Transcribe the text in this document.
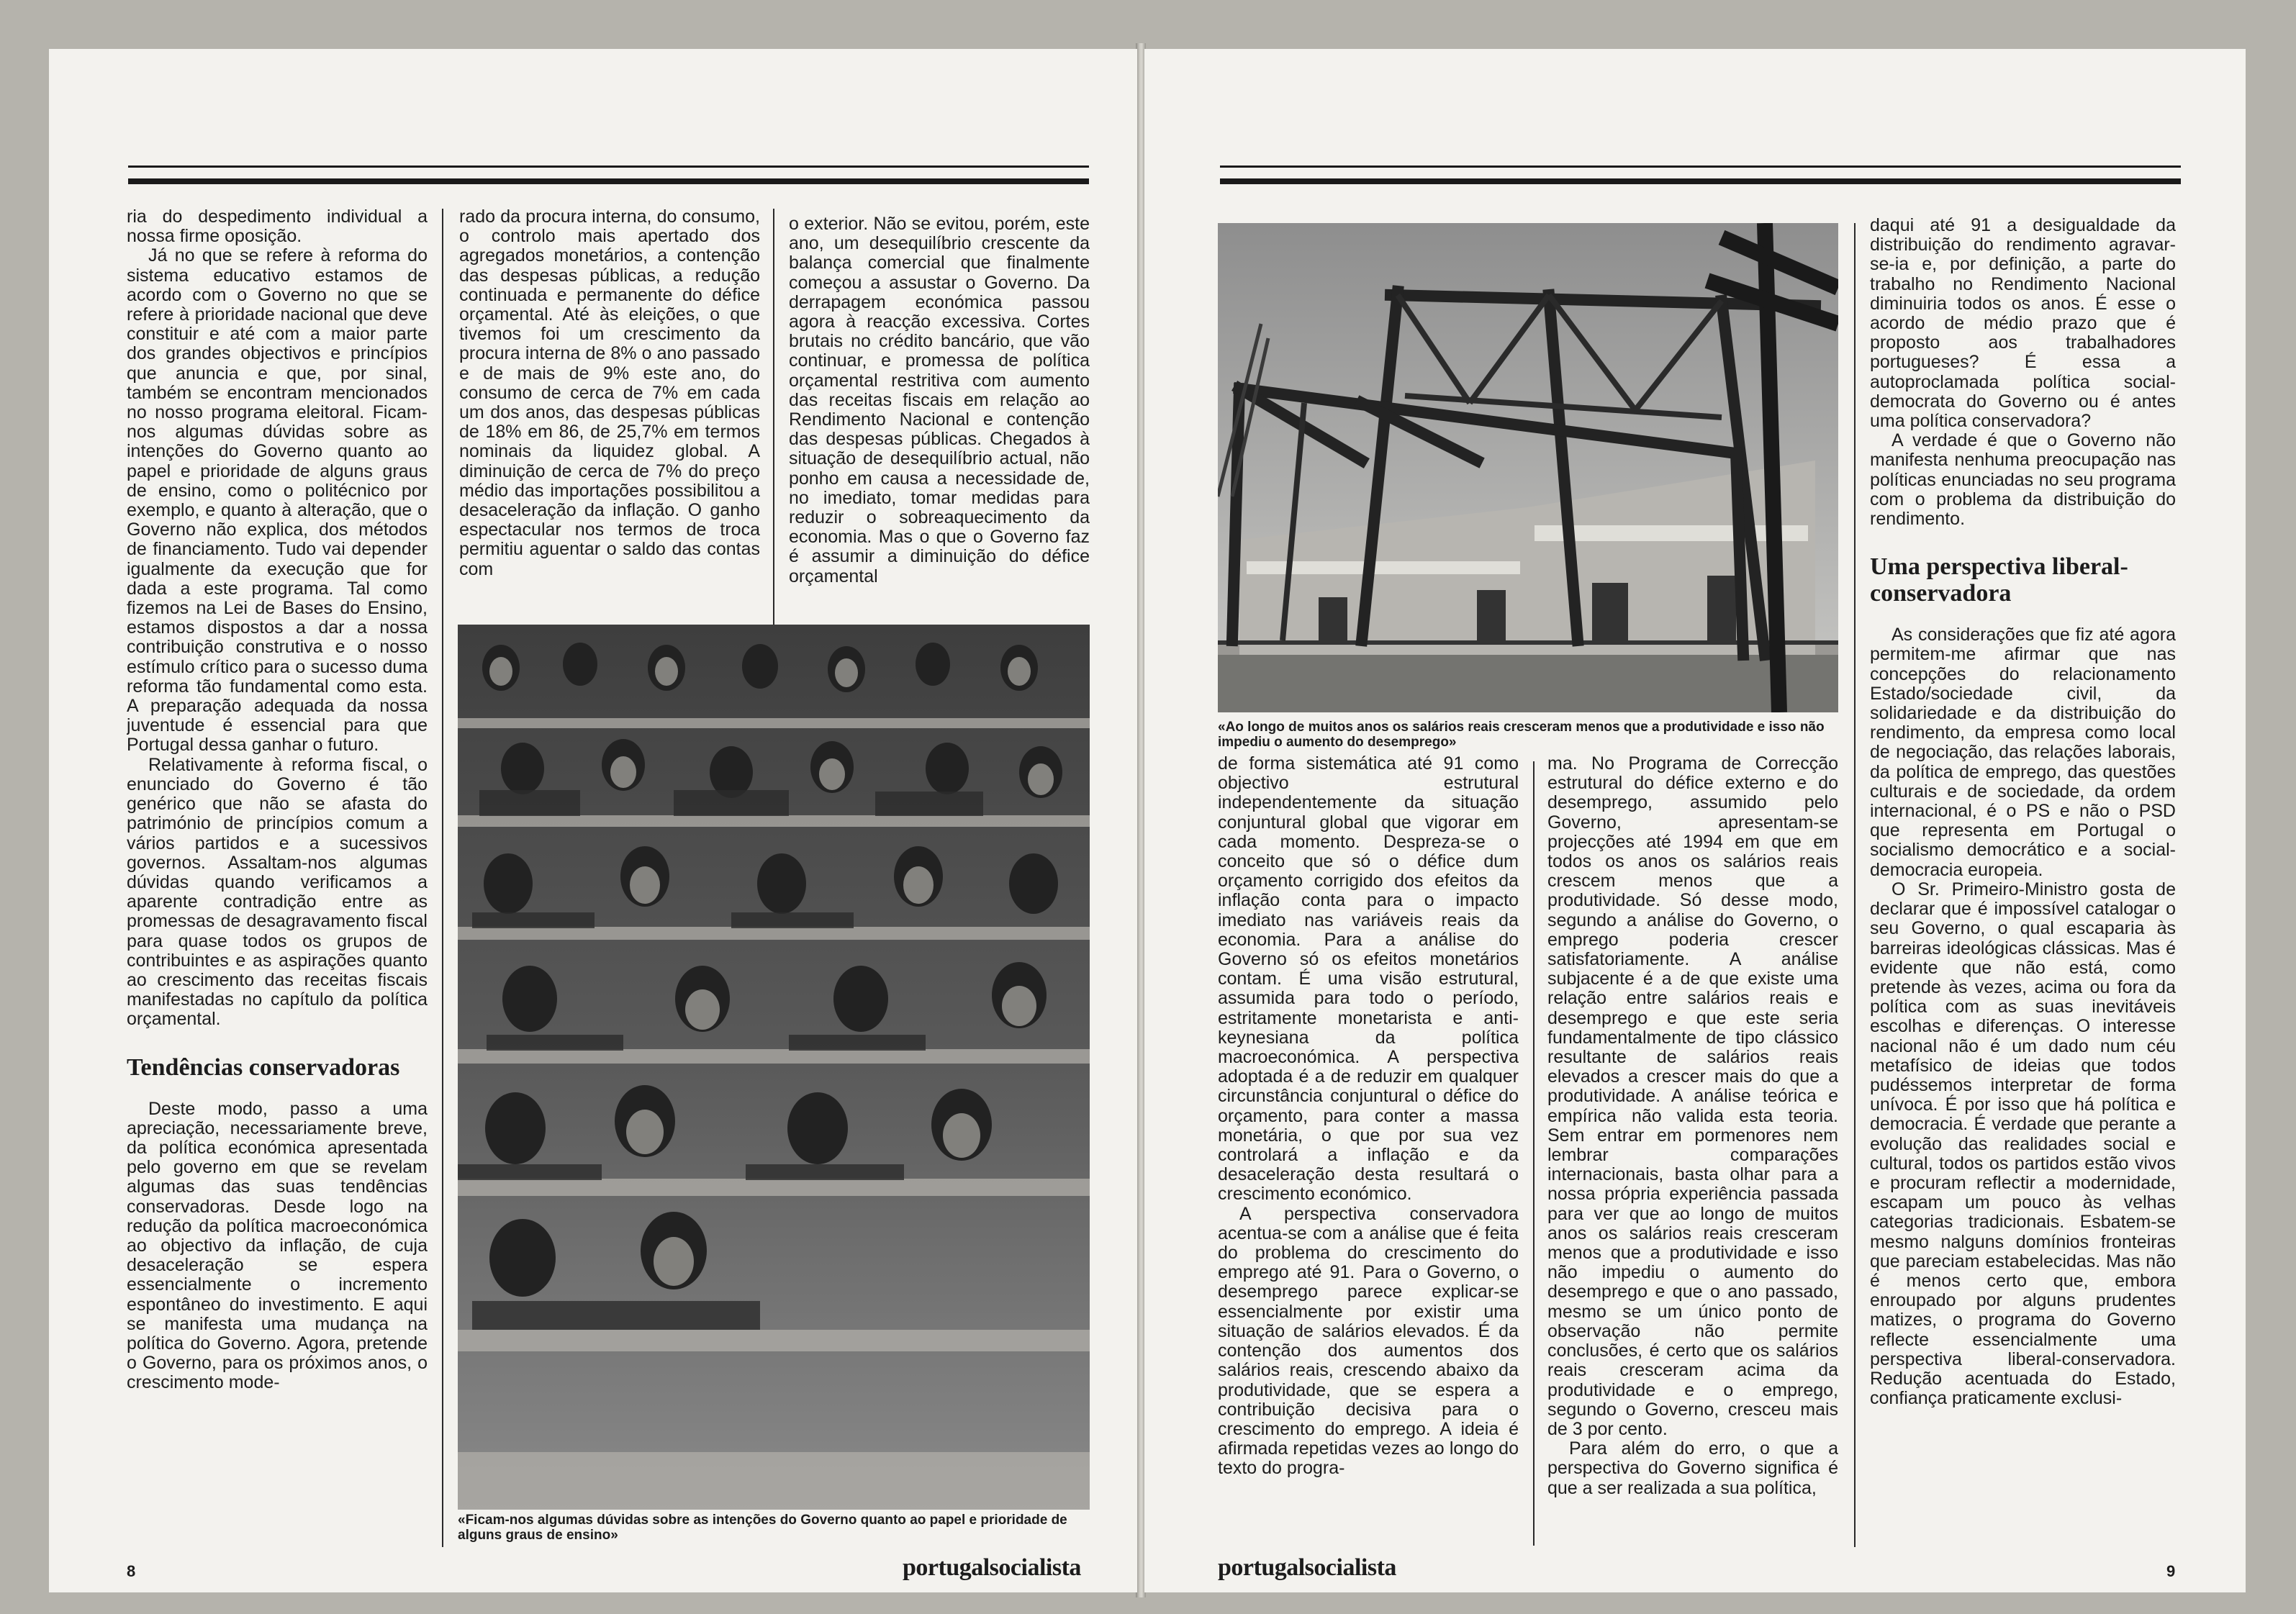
ria do despedimento individual a nossa firme oposição.

Já no que se refere à reforma do sistema educativo estamos de acordo com o Governo no que se refere à prioridade nacional que deve constituir e até com a maior parte dos grandes objectivos e princípios que anuncia e que, por sinal, também se encontram mencionados no nosso programa eleitoral. Ficam-nos algumas dúvidas sobre as intenções do Governo quanto ao papel e prioridade de alguns graus de ensino, como o politécnico por exemplo, e quanto à alteração, que o Governo não explica, dos métodos de financiamento. Tudo vai depender igualmente da execução que for dada a este programa. Tal como fizemos na Lei de Bases do Ensino, estamos dispostos a dar a nossa contribuição construtiva e o nosso estímulo crítico para o sucesso duma reforma tão fundamental como esta. A preparação adequada da nossa juventude é essencial para que Portugal dessa ganhar o futuro.

Relativamente à reforma fiscal, o enunciado do Governo é tão genérico que não se afasta do património de princípios comum a vários partidos e a sucessivos governos. Assaltam-nos algumas dúvidas quando verificamos a aparente contradição entre as promessas de desagravamento fiscal para quase todos os grupos de contribuintes e as aspirações quanto ao crescimento das receitas fiscais manifestadas no capítulo da política orçamental.

Tendências conservadoras

Deste modo, passo a uma apreciação, necessariamente breve, da política económica apresentada pelo governo em que se revelam algumas das suas tendências conservadoras. Desde logo na redução da política macroeconómica ao objectivo da inflação, de cuja desaceleração se espera essencialmente o incremento espontâneo do investimento. E aqui se manifesta uma mudança na política do Governo. Agora, pretende o Governo, para os próximos anos, o crescimento mode-

rado da procura interna, do consumo, o controlo mais apertado dos agregados monetários, a contenção das despesas públicas, a redução continuada e permanente do défice orçamental. Até às eleições, o que tivemos foi um crescimento da procura interna de 8% o ano passado e de mais de 9% este ano, do consumo de cerca de 7% em cada um dos anos, das despesas públicas de 18% em 86, de 25,7% em termos nominais da liquidez global. A diminuição de cerca de 7% do preço médio das importações possibilitou a desaceleração da inflação. O ganho espectacular nos termos de troca permitiu aguentar o saldo das contas com

o exterior. Não se evitou, porém, este ano, um desequilíbrio crescente da balança comercial que finalmente começou a assustar o Governo. Da derrapagem económica passou agora à reacção excessiva. Cortes brutais no crédito bancário, que vão continuar, e promessa de política orçamental restritiva com aumento das receitas fiscais em relação ao Rendimento Nacional e contenção das despesas públicas. Chegados à situação de desequilíbrio actual, não ponho em causa a necessidade de, no imediato, tomar medidas para reduzir o sobreaquecimento da economia. Mas o que o Governo faz é assumir a diminuição do défice orçamental

«Ficam-nos algumas dúvidas sobre as intenções do Governo quanto ao papel e prioridade de alguns graus de ensino»
8	portugalsocialista
«Ao longo de muitos anos os salários reais cresceram menos que a produtividade e isso não impediu o aumento do desemprego»

de forma sistemática até 91 como objectivo estrutural independentemente da situação conjuntural global que vigorar em cada momento. Despreza-se o conceito que só o défice dum orçamento corrigido dos efeitos da inflação conta para o impacto imediato nas variáveis reais da economia. Para a análise do Governo só os efeitos monetários contam. É uma visão estrutural, assumida para todo o período, estritamente monetarista e anti-keynesiana da política macroeconómica. A perspectiva adoptada é a de reduzir em qualquer circunstância conjuntural o défice do orçamento, para conter a massa monetária, o que por sua vez controlará a inflação e da desaceleração desta resultará o crescimento económico.

A perspectiva conservadora acentua-se com a análise que é feita do problema do crescimento do emprego até 91. Para o Governo, o desemprego parece explicar-se essencialmente por existir uma situação de salários elevados. É da contenção dos aumentos dos salários reais, crescendo abaixo da produtividade, que se espera a contribuição decisiva para o crescimento do emprego. A ideia é afirmada repetidas vezes ao longo do texto do progra-

ma. No Programa de Correcção estrutural do défice externo e do desemprego, assumido pelo Governo, apresentam-se projecções até 1994 em que em todos os anos os salários reais crescem menos que a produtividade. Só desse modo, segundo a análise do Governo, o emprego poderia crescer satisfatoriamente. A análise subjacente é a de que existe uma relação entre salários reais e desemprego e que este seria fundamentalmente de tipo clássico resultante de salários reais elevados a crescer mais do que a produtividade. A análise teórica e empírica não valida esta teoria. Sem entrar em pormenores nem lembrar comparações internacionais, basta olhar para a nossa própria experiência passada para ver que ao longo de muitos anos os salários reais cresceram menos que a produtividade e isso não impediu o aumento do desemprego e que o ano passado, mesmo se um único ponto de observação não permite conclusões, é certo que os salários reais cresceram acima da produtividade e o emprego, segundo o Governo, cresceu mais de 3 por cento.

Para além do erro, o que a perspectiva do Governo significa é que a ser realizada a sua política,

daqui até 91 a desigualdade da distribuição do rendimento agravar-se-ia e, por definição, a parte do trabalho no Rendimento Nacional diminuiria todos os anos. É esse o acordo de médio prazo que é proposto aos trabalhadores portugueses? É essa a autoproclamada política social-democrata do Governo ou é antes uma política conservadora?

A verdade é que o Governo não manifesta nenhuma preocupação nas políticas enunciadas no seu programa com o problema da distribuição do rendimento.

Uma perspectiva liberal-conservadora

As considerações que fiz até agora permitem-me afirmar que nas concepções do relacionamento Estado/sociedade civil, da solidariedade e da distribuição do rendimento, da empresa como local de negociação, das relações laborais, da política de emprego, das questões culturais e de sociedade, da ordem internacional, é o PS e não o PSD que representa em Portugal o socialismo democrático e a social-democracia europeia.

O Sr. Primeiro-Ministro gosta de declarar que é impossível catalogar o seu Governo, o qual escaparia às barreiras ideológicas clássicas. Mas é evidente que não está, como pretende às vezes, acima ou fora da política com as suas inevitáveis escolhas e diferenças. O interesse nacional não é um dado num céu metafísico de ideias que todos pudéssemos interpretar de forma unívoca. É por isso que há política e democracia. É verdade que perante a evolução das realidades social e cultural, todos os partidos estão vivos e procuram reflectir a modernidade, escapam um pouco às velhas categorias tradicionais. Esbatem-se mesmo nalguns domínios fronteiras que pareciam estabelecidas. Mas não é menos certo que, embora enroupado por alguns prudentes matizes, o programa do Governo reflecte essencialmente uma perspectiva liberal-conservadora. Redução acentuada do Estado, confiança praticamente exclusi-

portugalsocialista	9
